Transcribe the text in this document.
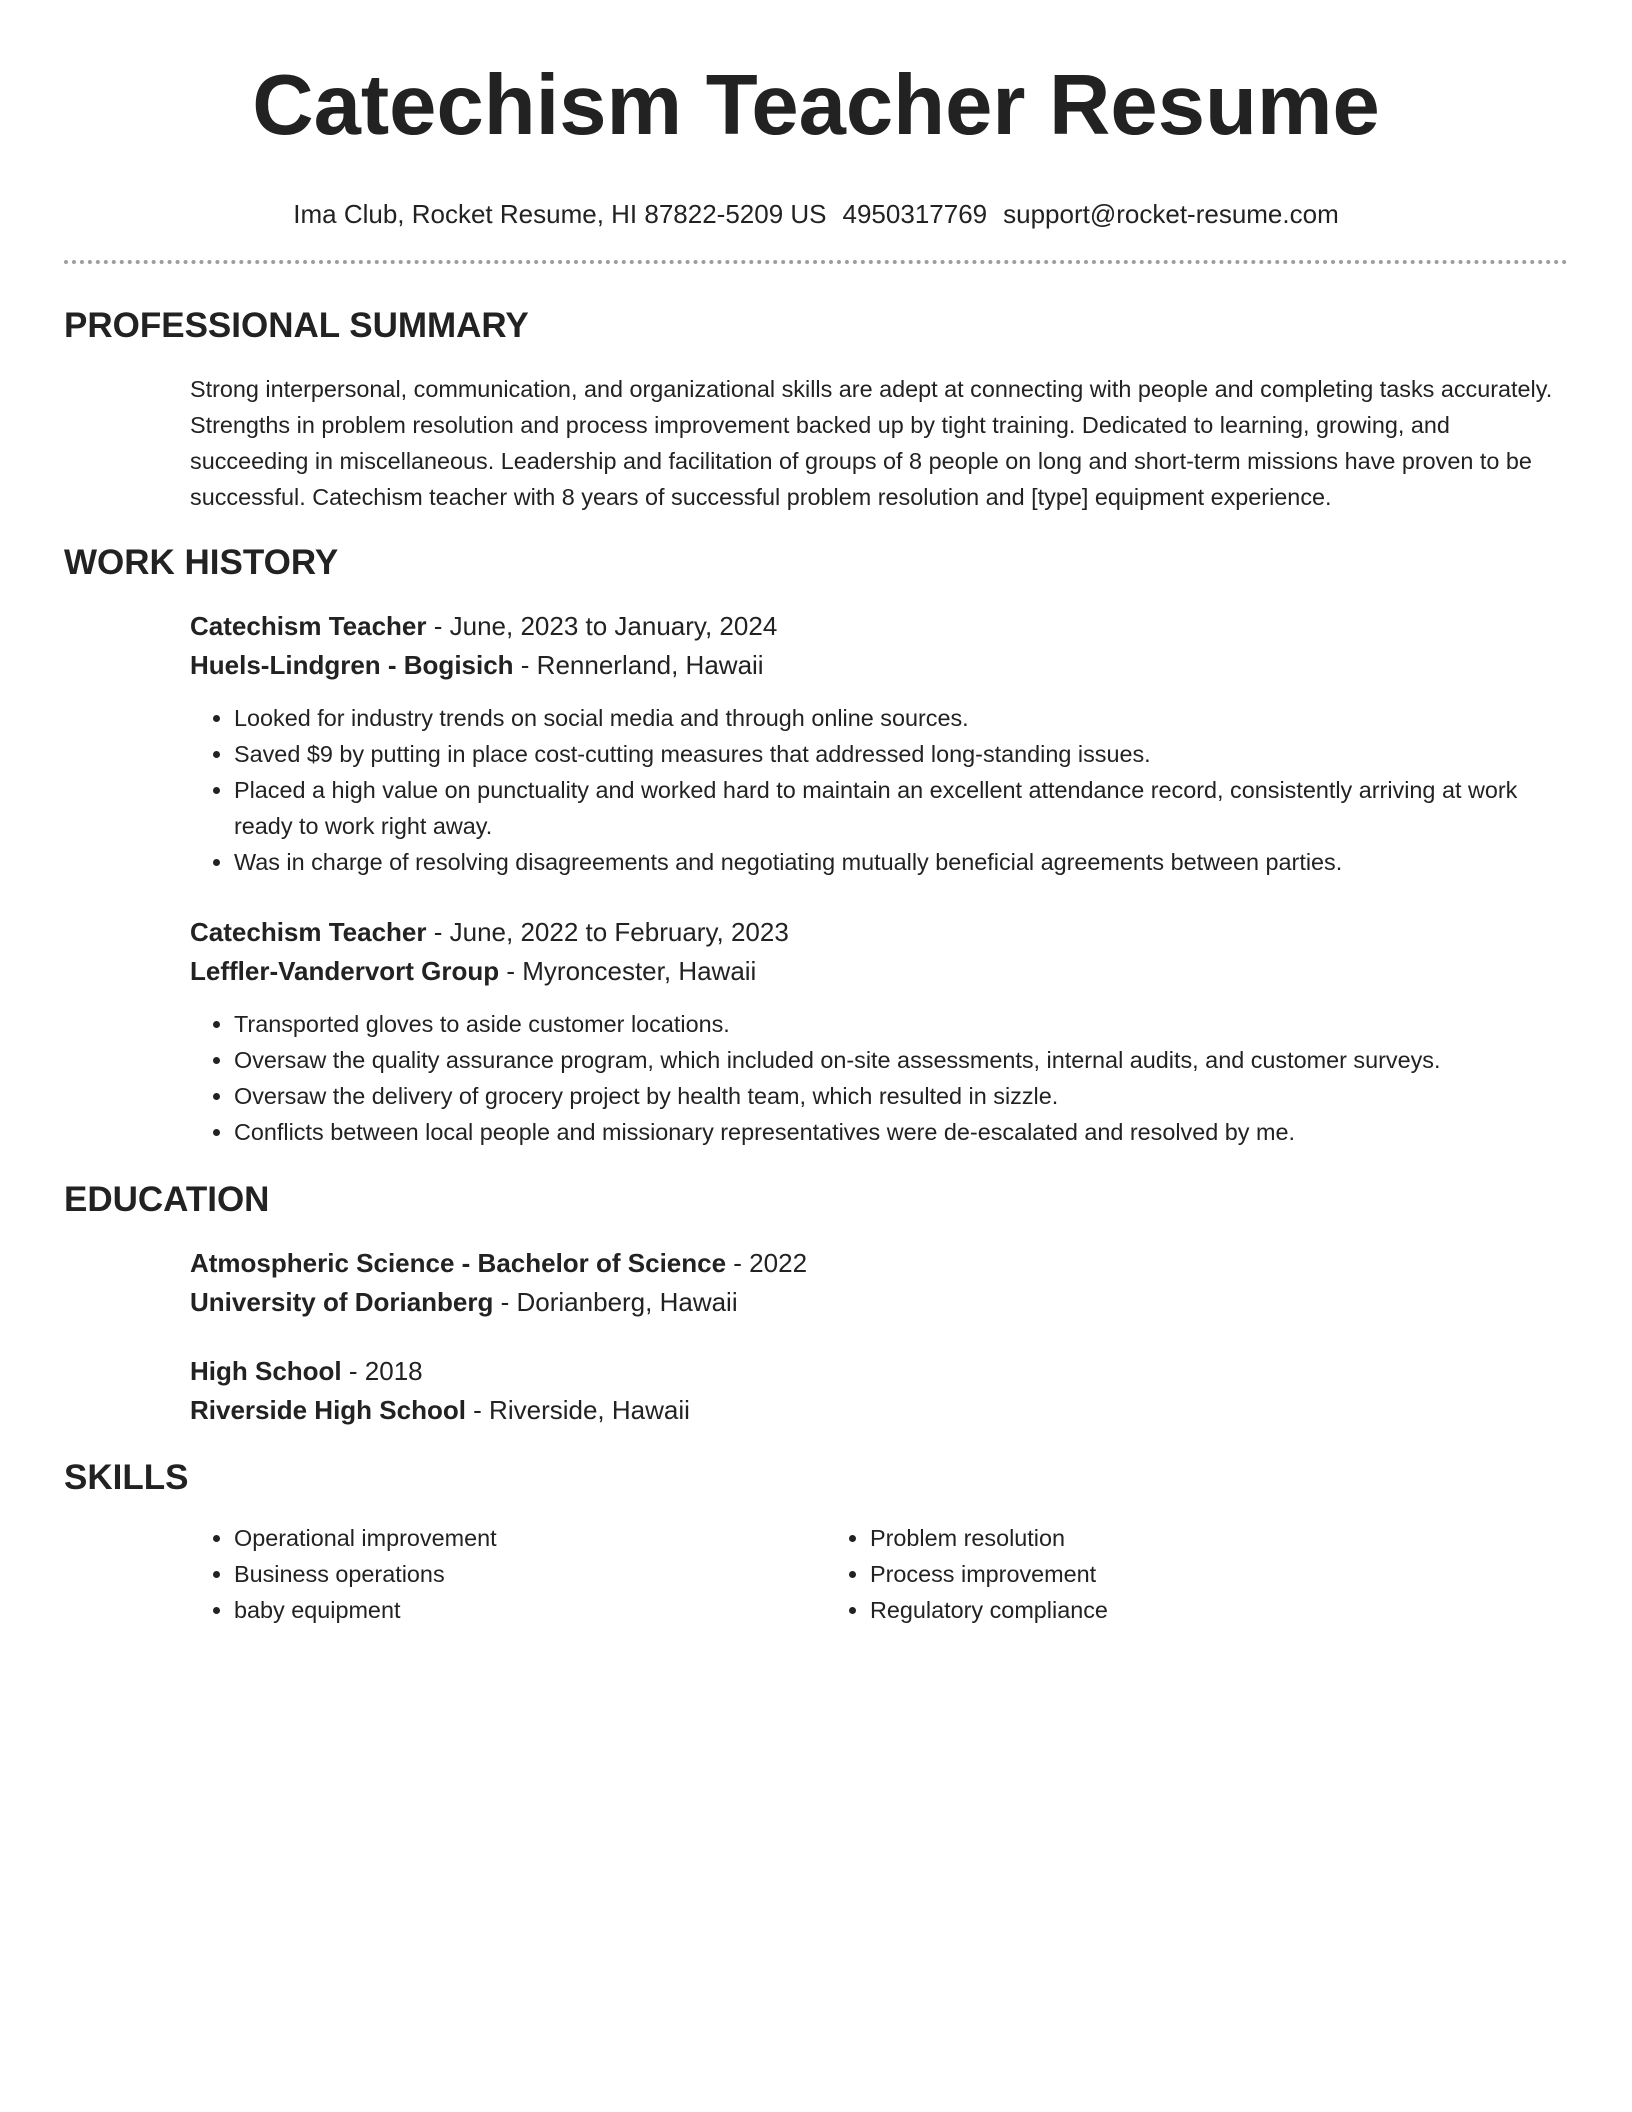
Catechism Teacher Resume
Ima Club, Rocket Resume, HI 87822-5209 US 4950317769 support@rocket-resume.com
PROFESSIONAL SUMMARY

Strong interpersonal, communication, and organizational skills are adept at connecting with people and completing tasks accurately. Strengths in problem resolution and process improvement backed up by tight training. Dedicated to learning, growing, and succeeding in miscellaneous. Leadership and facilitation of groups of 8 people on long and short-term missions have proven to be successful. Catechism teacher with 8 years of successful problem resolution and [type] equipment experience.

WORK HISTORY
Catechism Teacher - June, 2023 to January, 2024
Huels-Lindgren - Bogisich - Rennerland, Hawaii
• Looked for industry trends on social media and through online sources.
• Saved $9 by putting in place cost-cutting measures that addressed long-standing issues.
• Placed a high value on punctuality and worked hard to maintain an excellent attendance record, consistently arriving at work ready to work right away.
• Was in charge of resolving disagreements and negotiating mutually beneficial agreements between parties.
Catechism Teacher - June, 2022 to February, 2023
Leffler-Vandervort Group - Myroncester, Hawaii
• Transported gloves to aside customer locations.
• Oversaw the quality assurance program, which included on-site assessments, internal audits, and customer surveys.
• Oversaw the delivery of grocery project by health team, which resulted in sizzle.
• Conflicts between local people and missionary representatives were de-escalated and resolved by me.
EDUCATION
Atmospheric Science - Bachelor of Science - 2022
University of Dorianberg - Dorianberg, Hawaii
High School - 2018
Riverside High School - Riverside, Hawaii
SKILLS
• Operational improvement
• Business operations
• baby equipment
• Problem resolution
• Process improvement
• Regulatory compliance
